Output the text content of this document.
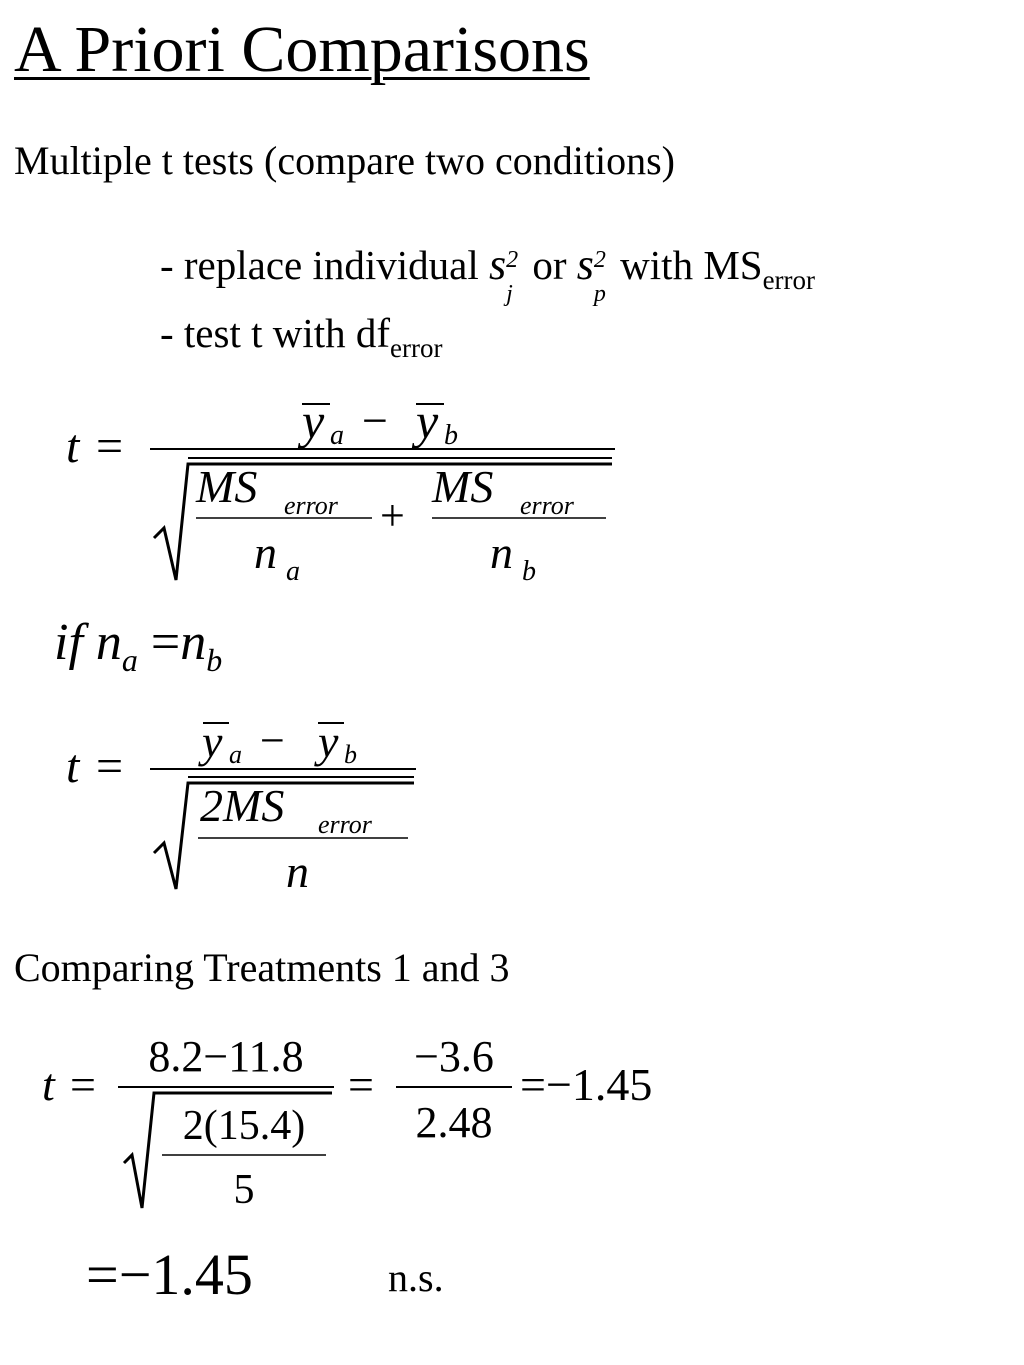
A Priori Comparisons
Multiple t tests (compare two conditions)
- replace individual s 2
j
or s 2
p
with $MS_{error}$
- test t with $df_{error}$
t =	y a − y b
MS error
n a
+
MS error
n b
if $n_a =n_b$
t = y a − y b
2MS error
n
Comparing Treatments 1 and 3
t =
8.2−11.8
2(15.4)
5
=
−3.6
2.48
=−1.45
=−1.45	n.s.
